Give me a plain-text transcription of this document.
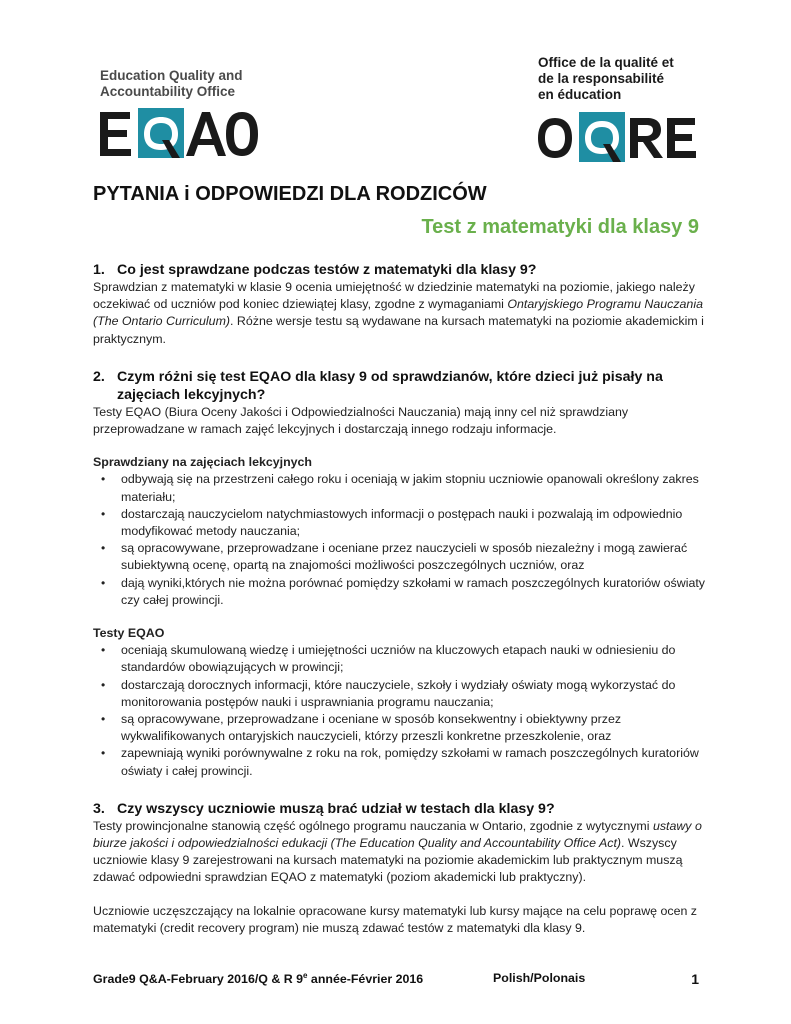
Education Quality and
Accountability Office
Office de la qualité et
de la responsabilité
en éducation
PYTANIA i ODPOWIEDZI DLA RODZICÓW
Test z matematyki dla klasy 9
1. Co jest sprawdzane podczas testów z matematyki dla klasy 9?

Sprawdzian z matematyki w klasie 9 ocenia umiejętność w dziedzinie matematyki na poziomie, jakiego należy oczekiwać od uczniów pod koniec dziewiątej klasy, zgodne z wymaganiami Ontaryjskiego Programu Nauczania (The Ontario Curriculum). Różne wersje testu są wydawane na kursach matematyki na poziomie akademickim i praktycznym.

2. Czym różni się test EQAO dla klasy 9 od sprawdzianów, które dzieci już pisały na zajęciach lekcyjnych?

Testy EQAO (Biura Oceny Jakości i Odpowiedzialności Nauczania) mają inny cel niż sprawdziany przeprowadzane w ramach zajęć lekcyjnych i dostarczają innego rodzaju informacje.

Sprawdziany na zajęciach lekcyjnych

• odbywają się na przestrzeni całego roku i oceniają w jakim stopniu uczniowie opanowali określony zakres materiału;
• dostarczają nauczycielom natychmiastowych informacji o postępach nauki i pozwalają im odpowiednio modyfikować metody nauczania;
• są opracowywane, przeprowadzane i oceniane przez nauczycieli w sposób niezależny i mogą zawierać subiektywną ocenę, opartą na znajomości możliwości poszczególnych uczniów, oraz
• dają wyniki,których nie można porównać pomiędzy szkołami w ramach poszczególnych kuratoriów oświaty czy całej prowincji.

Testy EQAO

• oceniają skumulowaną wiedzę i umiejętności uczniów na kluczowych etapach nauki w odniesieniu do standardów obowiązujących w prowincji;
• dostarczają dorocznych informacji, które nauczyciele, szkoły i wydziały oświaty mogą wykorzystać do monitorowania postępów nauki i usprawniania programu nauczania;
• są opracowywane, przeprowadzane i oceniane w sposób konsekwentny i obiektywny przez wykwalifikowanych ontaryjskich nauczycieli, którzy przeszli konkretne przeszkolenie, oraz
• zapewniają wyniki porównywalne z roku na rok, pomiędzy szkołami w ramach poszczególnych kuratoriów oświaty i całej prowincji.
3. Czy wszyscy uczniowie muszą brać udział w testach dla klasy 9?

Testy prowincjonalne stanowią część ogólnego programu nauczania w Ontario, zgodnie z wytycznymi ustawy o biurze jakości i odpowiedzialności edukacji (The Education Quality and Accountability Office Act). Wszyscy uczniowie klasy 9 zarejestrowani na kursach matematyki na poziomie akademickim lub praktycznym muszą zdawać odpowiedni sprawdzian EQAO z matematyki (poziom akademicki lub praktyczny).

Uczniowie uczęszczający na lokalnie opracowane kursy matematyki lub kursy mające na celu poprawę ocen z matematyki (credit recovery program) nie muszą zdawać testów z matematyki dla klasy 9.

Grade9 Q&A-February 2016/Q & R 9e année-Février 2016	Polish/Polonais	1
